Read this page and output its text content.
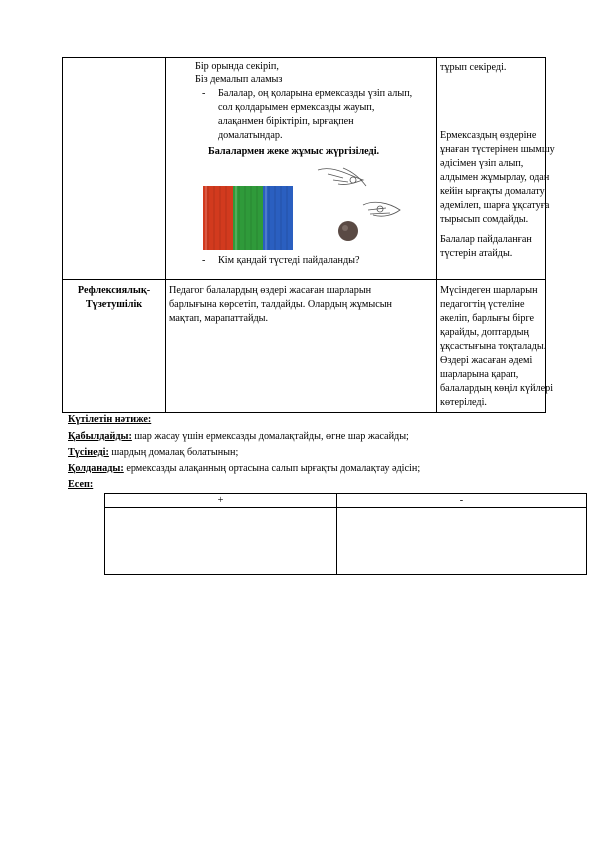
Бір орында секіріп,
Біз демалып аламыз
- Балалар, оң қоларына ермексазды үзіп алып,
сол қолдарымен ермексазды жауып,
алақанмен біріктіріп, ырғақпен
домалатындар.
Балалармен жеке жұмыс жүргізіледі.
- Кім қандай түстеді пайдаланды?
тұрып секіреді.
Ермексаздың өздеріне
ұнаған түстерінен шымшу
әдісімен үзіп алып,
алдымен жұмырлау, одан
кейін ырғақты домалату
әдемілеп, шарға ұқсатуға
тырысып сомдайды.
Балалар пайдаланған
түстерін атайды.
Рефлексиялық-
Түзетушілік
Педагог балалардың өздері жасаған шарларын
барлығына көрсетіп, талдайды. Олардың жұмысын
мақтап, марапаттайды.
Мүсіндеген шарларын
педагогтің үстеліне
әкеліп, барлығы бірге
қарайды, доптардың
ұқсастығына тоқталады.
Өздері жасаған әдемі
шарларына қарап,
балалардың көңіл күйлері
көтеріледі.
Күтілетін нәтиже:
Қабылдайды: шар жасау үшін ермексазды домалақтайды, өгне шар жасайды;
Түсінеді: шардың домалақ болатынын;
Қолданады: ермексазды алақанның ортасына салып ырғақты домалақтау әдісін;
Есеп:
+	-
